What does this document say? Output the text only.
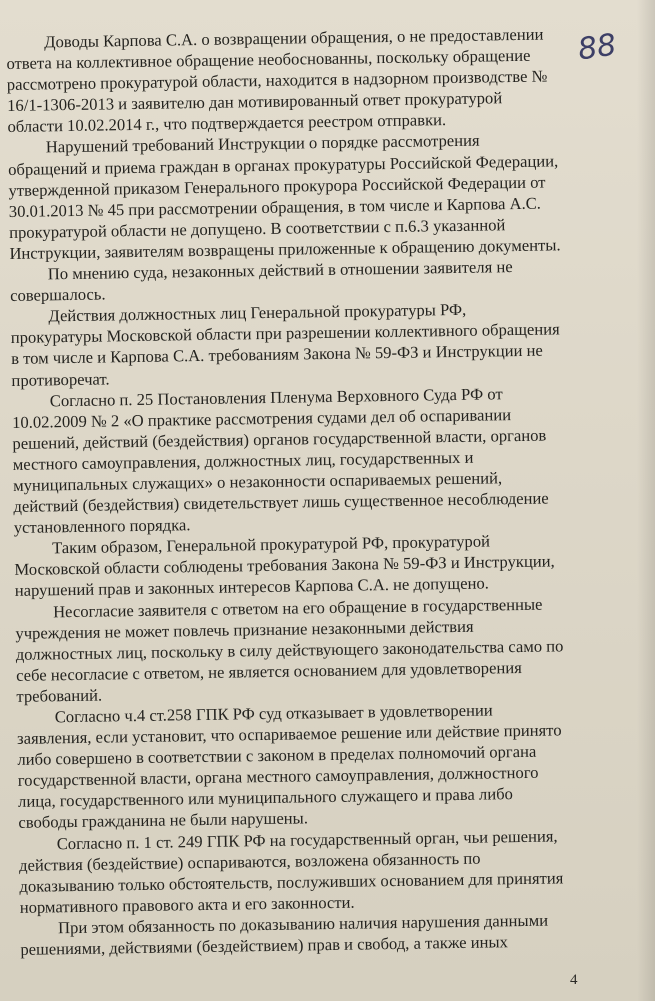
88
Доводы Карпова С.А. о возвращении обращения, о не предоставлении
ответа на коллективное обращение необоснованны, поскольку обращение
рассмотрено прокуратурой области, находится в надзорном производстве №
16/1-1306-2013 и заявителю дан мотивированный ответ прокуратурой
области 10.02.2014 г., что подтверждается реестром отправки.
Нарушений требований Инструкции о порядке рассмотрения
обращений и приема граждан в органах прокуратуры Российской Федерации,
утвержденной приказом Генерального прокурора Российской Федерации от
30.01.2013 № 45 при рассмотрении обращения, в том числе и Карпова А.С.
прокуратурой области не допущено. В соответствии с п.6.3 указанной
Инструкции, заявителям возвращены приложенные к обращению документы.
По мнению суда, незаконных действий в отношении заявителя не
совершалось.
Действия должностных лиц Генеральной прокуратуры РФ,
прокуратуры Московской области при разрешении коллективного обращения
в том числе и Карпова С.А. требованиям Закона № 59-ФЗ и Инструкции не
противоречат.
Согласно п. 25 Постановления Пленума Верховного Суда РФ от
10.02.2009 № 2 «О практике рассмотрения судами дел об оспаривании
решений, действий (бездействия) органов государственной власти, органов
местного самоуправления, должностных лиц, государственных и
муниципальных служащих» о незаконности оспариваемых решений,
действий (бездействия) свидетельствует лишь существенное несоблюдение
установленного порядка.
Таким образом, Генеральной прокуратурой РФ, прокуратурой
Московской области соблюдены требования Закона № 59-ФЗ и Инструкции,
нарушений прав и законных интересов Карпова С.А. не допущено.
Несогласие заявителя с ответом на его обращение в государственные
учреждения не может повлечь признание незаконными действия
должностных лиц, поскольку в силу действующего законодательства само по
себе несогласие с ответом, не является основанием для удовлетворения
требований.
Согласно ч.4 ст.258 ГПК РФ суд отказывает в удовлетворении
заявления, если установит, что оспариваемое решение или действие принято
либо совершено в соответствии с законом в пределах полномочий органа
государственной власти, органа местного самоуправления, должностного
лица, государственного или муниципального служащего и права либо
свободы гражданина не были нарушены.
Согласно п. 1 ст. 249 ГПК РФ на государственный орган, чьи решения,
действия (бездействие) оспариваются, возложена обязанность по
доказыванию только обстоятельств, послуживших основанием для принятия
нормативного правового акта и его законности.
При этом обязанность по доказыванию наличия нарушения данными
решениями, действиями (бездействием) прав и свобод, а также иных
4
